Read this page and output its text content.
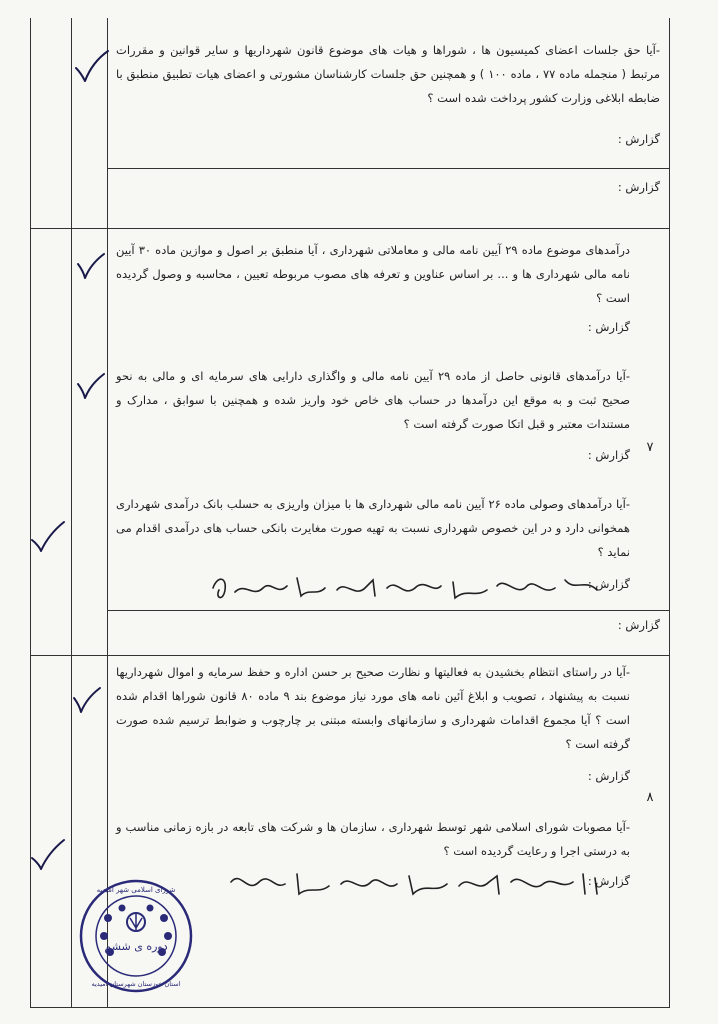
-آیا حق جلسات اعضای کمیسیون ها ، شوراها و هیات های موضوع قانون شهرداریها و سایر قوانین و مقررات مرتبط ( منجمله ماده ۷۷ ، ماده ۱۰۰ ) و همچنین حق جلسات کارشناسان مشورتی و اعضای هیات تطبیق منطبق با ضابطه ابلاغی وزارت کشور پرداخت شده است ؟
گزارش :
گزارش :
۷
درآمدهای موضوع ماده ۲۹ آیین نامه مالی و معاملاتی شهرداری ، آیا منطبق بر اصول و موازین ماده ۳۰ آیین نامه مالی شهرداری ها و ... بر اساس عناوین و تعرفه های مصوب مربوطه تعیین ، محاسبه و وصول گردیده است ؟
گزارش :
-آیا درآمدهای قانونی حاصل از ماده ۲۹ آیین نامه مالی و واگذاری دارایی های سرمایه ای و مالی به نحو صحیح ثبت و به موقع این درآمدها در حساب های خاص خود واریز شده و همچنین با سوابق ، مدارک و مستندات معتبر و قبل اتکا صورت گرفته است ؟
گزارش :
-آیا درآمدهای وصولی ماده ۲۶ آیین نامه مالی شهرداری ها با میزان واریزی به حسلب بانک درآمدی شهرداری همخوانی دارد و در این خصوص شهرداری نسبت به تهیه صورت مغایرت بانکی حساب های درآمدی اقدام می نماید ؟
گزارش :
گزارش :
۸
-آیا در راستای انتظام بخشیدن به فعالیتها و نظارت صحیح بر حسن اداره و حفظ سرمایه و اموال شهرداریها نسبت به پیشنهاد ، تصویب و ابلاغ آئین نامه های مورد نیاز موضوع بند ۹ ماده ۸۰ قانون شوراها اقدام شده است ؟ آیا مجموع اقدامات شهرداری و سازمانهای وابسته مبتنی بر چارچوب و ضوابط ترسیم شده صورت گرفته است ؟
گزارش :
-آیا مصوبات شورای اسلامی شهر توسط شهرداری ، سازمان ها و شرکت های تابعه در بازه زمانی مناسب و به درستی اجرا و رعایت گردیده است ؟
گزارش :
دوره ی ششم
شورای اسلامی شهر امیدیه
استان خوزستان شهرستان امیدیه
